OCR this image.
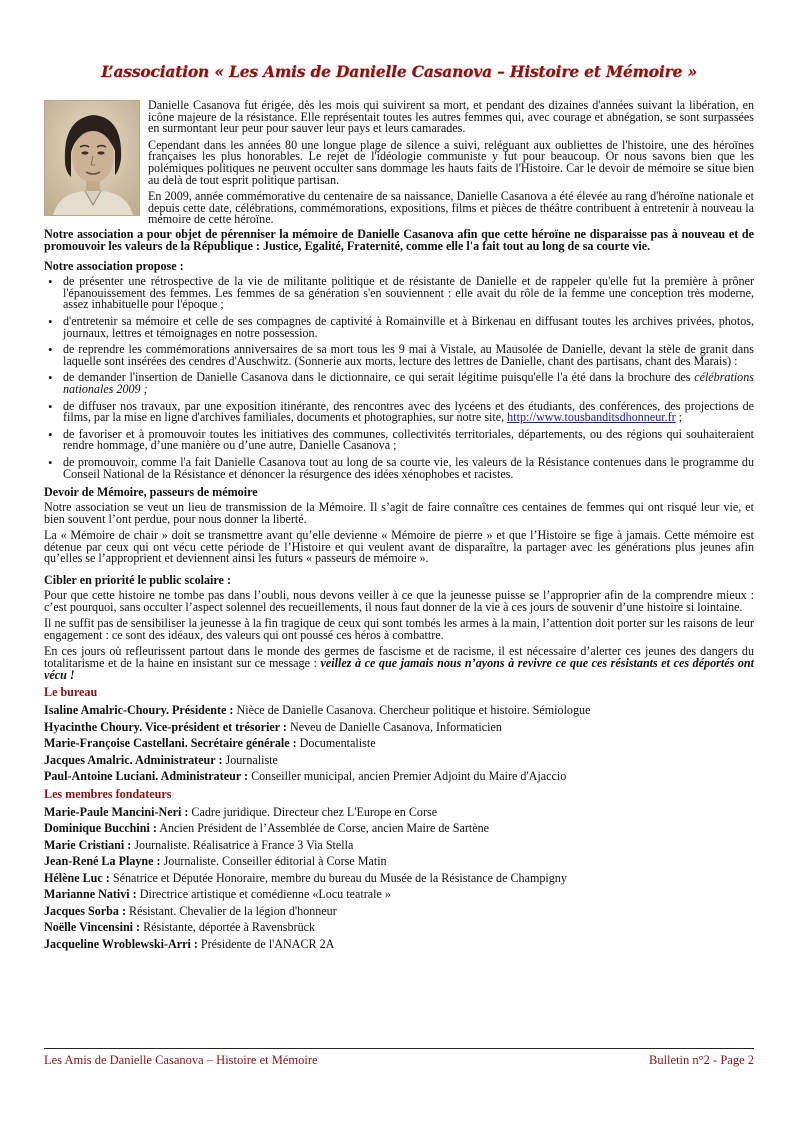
L’association « Les Amis de Danielle Casanova – Histoire et Mémoire »

Danielle Casanova fut érigée, dès les mois qui suivirent sa mort, et pendant des dizaines d'années suivant la libération, en icône majeure de la résistance. Elle représentait toutes les autres femmes qui, avec courage et abnégation, se sont surpassées en surmontant leur peur pour sauver leur pays et leurs camarades.

Cependant dans les années 80 une longue plage de silence a suivi, reléguant aux oubliettes de l'histoire, une des héroïnes françaises les plus honorables. Le rejet de l'idéologie communiste y fut pour beaucoup. Or nous savons bien que les polémiques politiques ne peuvent occulter sans dommage les hauts faits de l'Histoire. Car le devoir de mémoire se situe bien au delà de tout esprit politique partisan.

En 2009, année commémorative du centenaire de sa naissance, Danielle Casanova a été élevée au rang d'héroïne nationale et depuis cette date, célébrations, commémorations, expositions, films et pièces de théâtre contribuent à entretenir à nouveau la mémoire de cette héroïne.

Notre association a pour objet de pérenniser la mémoire de Danielle Casanova afin que cette héroïne ne disparaisse pas à nouveau et de promouvoir les valeurs de la République : Justice, Egalité, Fraternité, comme elle l'a fait tout au long de sa courte vie.

Notre association propose :
• de présenter une rétrospective de la vie de militante politique et de résistante de Danielle et de rappeler qu'elle fut la première à prôner l'épanouissement des femmes. Les femmes de sa génération s'en souviennent : elle avait du rôle de la femme une conception très moderne, assez inhabituelle pour l'époque ;
• d'entretenir sa mémoire et celle de ses compagnes de captivité à Romainville et à Birkenau en diffusant toutes les archives privées, photos, journaux, lettres et témoignages en notre possession.
• de reprendre les commémorations anniversaires de sa mort tous les 9 mai à Vistale, au Mausolée de Danielle, devant la stèle de granit dans laquelle sont insérées des cendres d'Auschwitz. (Sonnerie aux morts, lecture des lettres de Danielle, chant des partisans, chant des Marais) :
• de demander l'insertion de Danielle Casanova dans le dictionnaire, ce qui serait légitime puisqu'elle l'a été dans la brochure des célébrations nationales 2009 ;
• de diffuser nos travaux, par une exposition itinérante, des rencontres avec des lycéens et des étudiants, des conférences, des projections de films, par la mise en ligne d'archives familiales, documents et photographies, sur notre site, http://www.tousbanditsdhonneur.fr ;
• de favoriser et à promouvoir toutes les initiatives des communes, collectivités territoriales, départements, ou des régions qui souhaiteraient rendre hommage, d’une manière ou d’une autre, Danielle Casanova ;
• de promouvoir, comme l'a fait Danielle Casanova tout au long de sa courte vie, les valeurs de la Résistance contenues dans le programme du Conseil National de la Résistance et dénoncer la résurgence des idées xénophobes et racistes.
Devoir de Mémoire, passeurs de mémoire

Notre association se veut un lieu de transmission de la Mémoire. Il s’agit de faire connaître ces centaines de femmes qui ont risqué leur vie, et bien souvent l’ont perdue, pour nous donner la liberté.

La « Mémoire de chair » doit se transmettre avant qu’elle devienne « Mémoire de pierre » et que l’Histoire se fige à jamais. Cette mémoire est détenue par ceux qui ont vécu cette période de l’Histoire et qui veulent avant de disparaître, la partager avec les générations plus jeunes afin qu’elles se l’approprient et deviennent ainsi les futurs « passeurs de mémoire ».

Cibler en priorité le public scolaire :

Pour que cette histoire ne tombe pas dans l’oubli, nous devons veiller à ce que la jeunesse puisse se l’approprier afin de la comprendre mieux : c’est pourquoi, sans occulter l’aspect solennel des recueillements, il nous faut donner de la vie à ces jours de souvenir d’une histoire si lointaine.

Il ne suffit pas de sensibiliser la jeunesse à la fin tragique de ceux qui sont tombés les armes à la main, l’attention doit porter sur les raisons de leur engagement : ce sont des idéaux, des valeurs qui ont poussé ces héros à combattre.

En ces jours où refleurissent partout dans le monde des germes de fascisme et de racisme, il est nécessaire d’alerter ces jeunes des dangers du totalitarisme et de la haine en insistant sur ce message : veillez à ce que jamais nous n’ayons à revivre ce que ces résistants et ces déportés ont vécu !

Le bureau
Isaline Amalric-Choury. Présidente : Nièce de Danielle Casanova. Chercheur politique et histoire. Sémiologue
Hyacinthe Choury. Vice-président et trésorier : Neveu de Danielle Casanova, Informaticien
Marie-Françoise Castellani. Secrétaire générale : Documentaliste
Jacques Amalric. Administrateur : Journaliste
Paul-Antoine Luciani. Administrateur : Conseiller municipal, ancien Premier Adjoint du Maire d'Ajaccio
Les membres fondateurs
Marie-Paule Mancini-Neri : Cadre juridique. Directeur chez L'Europe en Corse
Dominique Bucchini : Ancien Président de l’Assemblée de Corse, ancien Maire de Sartène
Marie Cristiani : Journaliste. Réalisatrice à France 3 Via Stella
Jean-René La Playne : Journaliste. Conseiller éditorial à Corse Matin
Hélène Luc : Sénatrice et Députée Honoraire, membre du bureau du Musée de la Résistance de Champigny
Marianne Nativi : Directrice artistique et comédienne «Locu teatrale »
Jacques Sorba : Résistant. Chevalier de la légion d'honneur
Noëlle Vincensini : Résistante, déportée à Ravensbrück
Jacqueline Wroblewski-Arri : Présidente de l'ANACR 2A
Les Amis de Danielle Casanova – Histoire et Mémoire	Bulletin n°2 - Page 2
